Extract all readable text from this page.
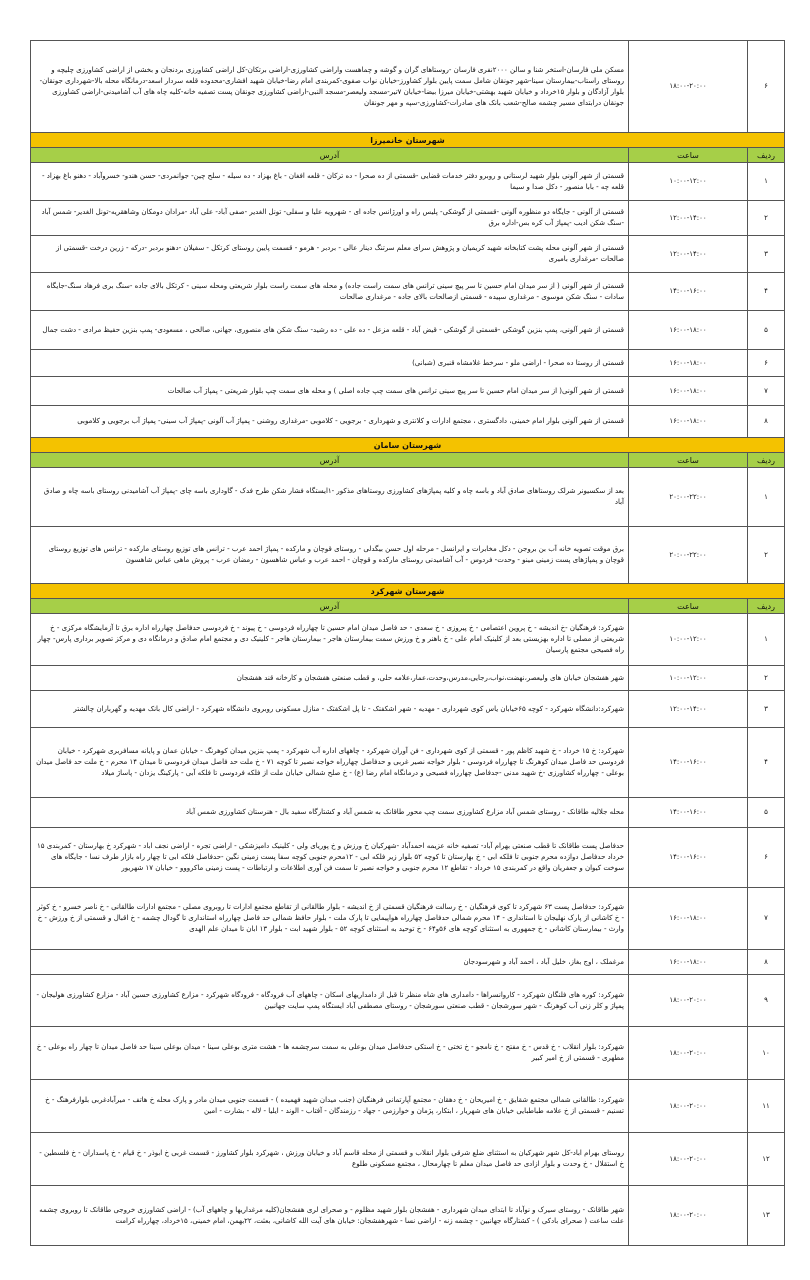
۶	۱۸:۰۰-۲۰:۰۰	مسکن ملی فارسان-استخر شنا و سالن ۲۰۰۰نفری فارسان -روستاهای گران و گوشه و چماهست واراضی کشاورزی-اراضی برتکان-کل اراضی کشاورزی بردنجان و بخشی از اراضی کشاورزی چلیچه و روستای راستاب-بیمارستان سینا-شهر جونقان شامل سمت پایین بلوار کشاورز-خیابان نواب صفوی-کمربندی امام رضا-خیابان شهید افشاری-محدوده قلعه سردار اسعد-درمانگاه محله بالا-شهرداری جونقان-بلوار آزادگان و بلوار ۱۵خرداد و خیابان شهید بهشتی-خیابان میرزا بیضا-خیابان ۷تیر-مسجد ولیعصر-مسجد النبی-اراضی کشاورزی جونقان پست تصفیه خانه-کلیه چاه های آب آشامیدنی-اراضی کشاورزی جونقان درابتدای مسیر چشمه صالح-شعب بانک های صادرات-کشاورزی-سپه و مهر جونقان
شهرستان خانمیرزا		
ردیف	ساعت	آدرس
۱	۱۰:۰۰-۱۲:۰۰	قسمتی از شهر آلونی بلوار شهید لرستانی و روبرو دفتر خدمات قضایی -قسمتی از ده صحرا - ده ترکان - قلعه افغان - باغ بهزاد - ده سیله - سلح چین- جوانمردی- حسن هندو- خسروآباد - دهنو باغ بهزاد - قلعه چه - بابا منصور - دکل صدا و سیما
۲	۱۲:۰۰-۱۴:۰۰	قسمتی از آلونی - جایگاه دو منظوره آلونی -قسمتی از گوشکی- پلیس راه و اورژانس جاده ای - شهرویه علیا و سفلی- تونل الغدیر -صفی آباد- علی آباد -مرادان دومکان وشاهقریه-تونل الغدیر- شمس آباد -سنگ شکن ادیب -پمپاژ آب کره بس-اداره برق
۳	۱۲:۰۰-۱۴:۰۰	قسمتی از شهر آلونی محله پشت کتابخانه شهید کریمیان و پژوهش سرای معلم سرتنگ دینار عالی - بردبر - هرمو - قسمت پایین روستای کرتکل - سفیلان -دهنو بردبر -درکه - زرین درخت -قسمتی از صالحات -مرغداری بامیری
۴	۱۴:۰۰-۱۶:۰۰	قسمتی از شهر آلونی ( از سر میدان امام حسین تا سر پیچ سینی ترانس های سمت راست جاده) و محله های سمت راست بلوار شریعتی ومحله سینی - کرتکل بالای جاده -سنگ بری فرهاد سنگ-جایگاه سادات - سنگ شکن موسوی - مرغداری سپیده - قسمتی ازصالحات بالای جاده - مرغداری صالحات
۵	۱۶:۰۰-۱۸:۰۰	قسمتی از شهر آلونی، پمپ بنزین گوشکی -قسمتی از گوشکی - قیض آباد - قلعه مزعل - ده علی - ده رشید- سنگ شکن های منصوری، جهانی، صالحی ، مسعودی- پمپ بنزین حفیظ مرادی - دشت جمال
۶	۱۶:۰۰-۱۸:۰۰	قسمتی از روستا ده صحرا - اراضی ملو - سرخط غلامشاه قنبری (شبانی)
۷	۱۶:۰۰-۱۸:۰۰	قسمتی از شهر آلونی( از سر میدان امام حسین تا سر پیچ سینی ترانس های سمت چپ جاده اصلی ) و محله های سمت چپ بلوار شریعتی - پمپاژ آب صالحات
۸	۱۶:۰۰-۱۸:۰۰	قسمتی از شهر آلونی بلوار امام خمینی، دادگستری ، مجتمع ادارات و کلانتری و شهرداری - برجویی - کلاموبی -مرغداری روشنی - پمپاژ آب آلونی -پمپاژ آب سینی- پمپاژ آب برجویی و کلاموبی
شهرستان سامان		
ردیف	ساعت	آدرس
۱	۲۰:۰۰-۲۲:۰۰	بعد از سکسیونر شرلک روستاهای صادق آباد و باسه چاه و کلیه پمپاژهای کشاورزی روستاهای مذکور -۱ایستگاه فشار شکن طرح فدک - گاوداری باسه چای -پمپاژ آب آشامیدنی روستای باسه چاه و صادق آباد
۲	۲۰:۰۰-۲۲:۰۰	برق موقت تصویه خانه آب بن بروجن - دکل مخابرات و ایرانسل - مرحله اول حسن بیگدلی - روستای قوچان و مارکده - پمپاژ احمد عرب - ترانس های توزیع روستای مارکده - ترانس های توزیع روستای قوچان و پمپاژهای پست زمینی مینو - وحدت- فردوس - آب آشامیدنی روستای مارکده و قوچان - احمد عرب و عباس شاهسون - رمضان عرب - پروش ماهی عباس شاهسون
شهرستان شهرکرد		
ردیف	ساعت	آدرس
۱	۱۰:۰۰-۱۲:۰۰	شهرکرد: فرهنگیان -خ اندیشه - خ پروین اعتصامی - خ پیروزی - خ سعدی - حد فاصل میدان امام حسین تا چهارراه فردوسی - خ پیوند - خ فردوسی حدفاصل چهارراه اداره برق تا آزمایشگاه مرکزی - خ شریعتی از مصلی تا اداره بهزیستی بعد از کلینیک امام علی - خ باهنر و خ ورزش سمت بیمارستان هاجر - بیمارستان هاجر - کلینیک دی و مجتمع امام صادق و درمانگاه دی و مرکز تصویر برداری پارس- چهار راه فصیحی مجتمع پارسیان
۲	۱۰:۰۰-۱۲:۰۰	شهر هفشجان خیابان های ولیعصر،نهضت،نواب،رجایی،مدرس،وحدت،عمار،علامه حلی، و قطب صنعتی هفشجان و کارخانه قند هفشجان
۳	۱۲:۰۰-۱۴:۰۰	شهرکرد:دانشگاه شهرکرد - کوچه ۶۵خیابان یاس کوی شهرداری - مهدیه - شهر اشکفتک - تا پل اشکفتک - منازل مسکونی روبروی دانشگاه شهرکرد - اراضی کال بانک مهدیه و گهرباران چالشتر
۴	۱۴:۰۰-۱۶:۰۰	شهرکرد: خ ۱۵ خرداد - خ شهید کاظم پور - قسمتی از کوی شهرداری - فن آوران شهرکرد - چاههای اداره آب شهرکرد - پمپ بنزین میدان کوهرنگ - خیابان عمان و پایانه مسافربری شهرکرد - خیابان فردوسی حد فاصل میدان کوهرنگ تا چهارراه فردوسی - بلوار خواجه نصیر غربی و حدفاصل چهارراه خواجه نصیر تا کوچه ۷۱ - خ ملت حد فاصل میدان فردوسی تا میدان ۱۴ محرم - خ ملت حد فاصل میدان بوعلی - چهارراه کشاورزی -خ شهید مدنی -جدفاصل چهارراه فصیحی و درمانگاه امام رضا (ع) - خ صلح شمالی خیابان ملت از فلکه فردوسی تا فلکه آبی - پارکینگ یزدان - پاساژ میلاد
۵	۱۴:۰۰-۱۶:۰۰	محله جلالیه طاقانک - روستای شمس آباد مزارع کشاورزی سمت چپ محور طاقانک به شمس آباد و کشتارگاه سفید بال - هنرستان کشاورزی شمس آباد
۶	۱۴:۰۰-۱۶:۰۰	حدفاصل پست طاقانک تا قطب صنعتی بهرام آباد- تصفیه خانه عزیمه احمدآباد -شهرکیان خ ورزش و خ پوریای ولی - کلینیک دامپزشکی - اراضی تجره - اراضی نجف اباد - شهرکرد خ بهارستان - کمربندی ۱۵ خرداد حدفاصل دوازده محرم جنوبی تا فلکه ابی - خ بهارستان تا کوچه ۵۲ بلوار زیر فلکه ابی - ۱۲محرم جنوبی کوچه سفا پست زمینی نگین -حدفاصل فلکه ابی تا چهار راه بازار طرف نسا - جایگاه های سوخت کیوان و جعفریان واقع در کمربندی ۱۵ خرداد - تقاطع ۱۲ محرم جنوبی و خواجه نصیر تا سمت فن آوری اطلاعات و ارتباطات - پست زمینی ماکرووو - خیابان ۱۷ شهریور
۷	۱۶:۰۰-۱۸:۰۰	شهرکرد: حدفاصل پست ۶۳ شهرکرد تا کوی فرهنگیان - خ رسالت فرهنگیان قسمتی از خ اندیشه - بلوار طالقانی از تقاطع مجتمع ادارات تا روبروی مصلی - مجتمع ادارات طالقانی - خ ناصر خسرو - خ کوثر - خ کاشانی از پارک نهلیجان تا استانداری - ۱۴ محرم شمالی حدفاصل چهارراه هواپیمایی تا پارک ملت - بلوار حافظ شمالی حد فاصل چهارراه استانداری تا گودال چشمه - خ اقبال و قسمتی از خ ورزش - خ وارث - بیمارستان کاشانی - خ جمهوری به استثنای کوچه های ۵۶و۶۴ - خ توحید به استثنای کوچه ۵۲ - بلوار شهید ابت - بلوار ۱۳ ابان تا میدان علم الهدی
۸	۱۶:۰۰-۱۸:۰۰	مرغملک ، اوج بغاز، خلیل آباد ، احمد آباد و شهرسودجان
۹	۱۸:۰۰-۲۰:۰۰	شهرکرد: کوره های فلنگان شهرکرد - کاروانسراها - دامداری های شاه منظر تا قبل از دامداریهای اسکان - چاههای آب فرودگاه - فرودگاه شهرکرد - مزارع کشاورزی حسین آباد - مزارع کشاورزی هولیجان - پمپاژ و کلر زنی آب کوهرنگ - شهر سورشجان - قطب صنعتی سورشجان - روستای مصطفی آباد ایستگاه پمپ سایت جهانبین
۱۰	۱۸:۰۰-۲۰:۰۰	شهرکرد: بلوار انقلاب - خ قدس - خ مفتح - خ نامجو - خ تختی - خ استکی حدفاصل میدان بوعلی به سمت سرچشمه ها - هشت متری بوعلی سینا - میدان بوعلی سینا حد فاصل میدان تا چهار راه بوعلی - خ مطهری - قسمتی از خ امیر کبیر
۱۱	۱۸:۰۰-۲۰:۰۰	شهرکرد: طالقانی شمالی مجتمع شقایق - خ امیریحان - خ دهقان - مجتمع آپارتمانی فرهنگیان (جنب میدان شهید فهمیده ) - قسمت جنوبی میدان مادر و پارک محله خ هاتف - میرآبادغربی بلوارفرهنگ - خ تسنیم - قسمتی از خ علامه طباطبایی خیابان های شهریار ، ابتکار، پژمان و خوارزمی - جهاد - رزمندگان - آفتاب - الوند - ایلیا - لاله - بشارت - امین
۱۲	۱۸:۰۰-۲۰:۰۰	روستای بهرام اباد-کل شهر شهرکیان به استثنای ضلع شرقی بلوار انقلاب و قسمتی از محله قاسم آباد و خیابان ورزش ، شهرکرد بلوار کشاورز - قسمت غربی خ ابوذر - خ قیام - خ پاسداران - خ فلسطین - خ استقلال - خ وحدت و بلوار ازادی حد فاصل میدان معلم تا چهارمحال ، مجتمع مسکونی طلوع
۱۳	۱۸:۰۰-۲۰:۰۰	شهر طاقانک - روستای سیرک و نوآباد تا ابتدای میدان شهرداری - هفشجان بلوار شهید مظلوم - و صحرای لری هفشجان(کلیه مرغداریها و چاههای آب) - اراضی کشاورزی خروجی طاقانک تا روبروی چشمه علت ساعت ( صحرای بادکی ) - کشتارگاه جهانبین - چشمه زنه - اراضی نسا - شهرهفشجان: خیابان های آیت الله کاشانی، بعثت، ۲۲بهمن، امام خمینی، ۱۵خرداد، چهارراه کرامت
